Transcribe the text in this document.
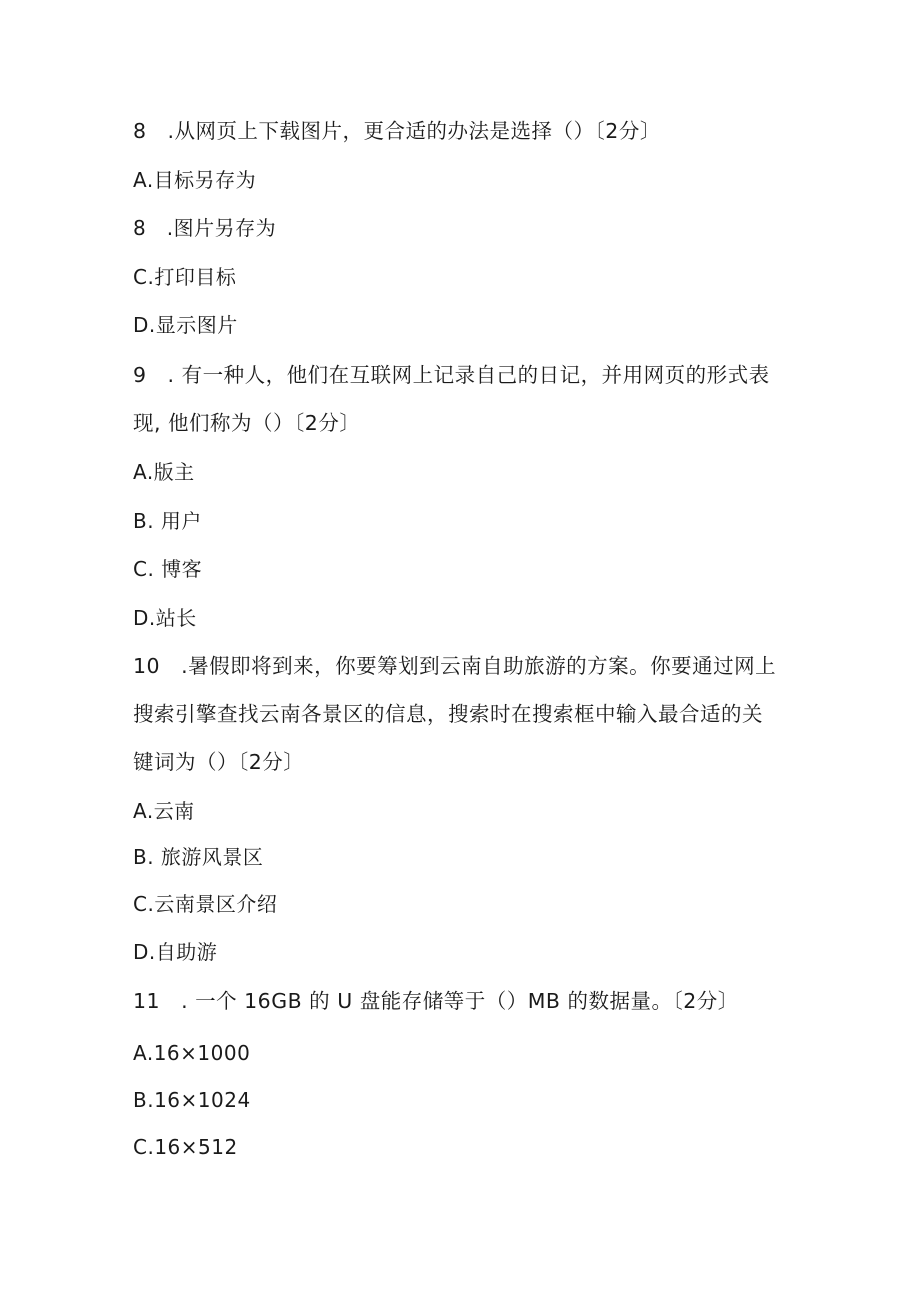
8　.从网页上下载图片，更合适的办法是选择（）〔2分〕
A.目标另存为
8　.图片另存为
C.打印目标
D.显示图片
9　. 有一种人，他们在互联网上记录自己的日记，并用网页的形式表
现, 他们称为（）〔2分〕
A.版主
B. 用户
C. 博客
D.站长
10　.暑假即将到来，你要筹划到云南自助旅游的方案。你要通过网上
搜索引擎查找云南各景区的信息，搜索时在搜索框中输入最合适的关
键词为（）〔2分〕
A.云南
B. 旅游风景区
C.云南景区介绍
D.自助游
11　. 一个 16GB 的 U 盘能存储等于（）MB 的数据量。〔2分〕
A.16×1000
B.16×1024
C.16×512
